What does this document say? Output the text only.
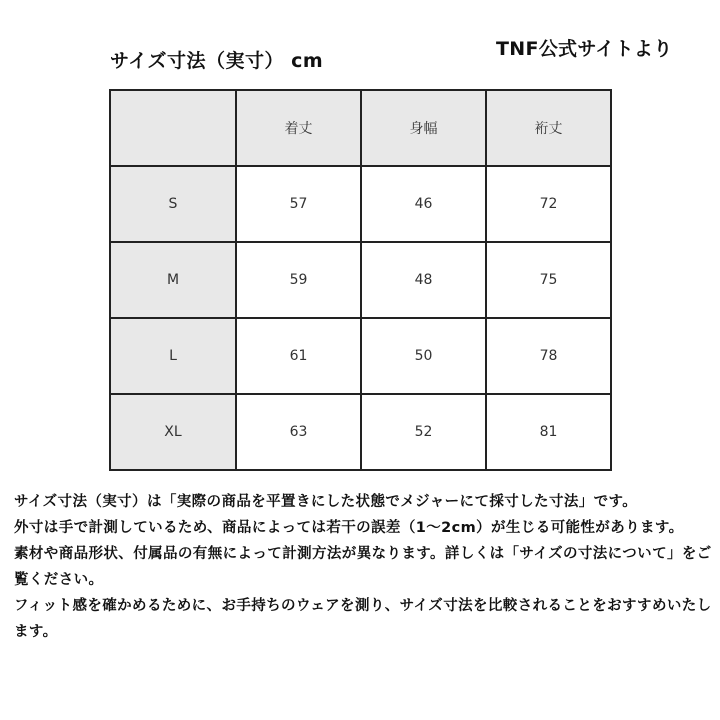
サイズ寸法（実寸） cm
TNF公式サイトより
	着丈	身幅	裄丈
S	57	46	72
M	59	48	75
L	61	50	78
XL	63	52	81

サイズ寸法（実寸）は「実際の商品を平置きにした状態でメジャーにて採寸した寸法」です。

外寸は手で計測しているため、商品によっては若干の誤差（1～2cm）が生じる可能性があります。

素材や商品形状、付属品の有無によって計測方法が異なります。詳しくは「サイズの寸法について」をご覧ください。

フィット感を確かめるために、お手持ちのウェアを測り、サイズ寸法を比較されることをおすすめいたします。
